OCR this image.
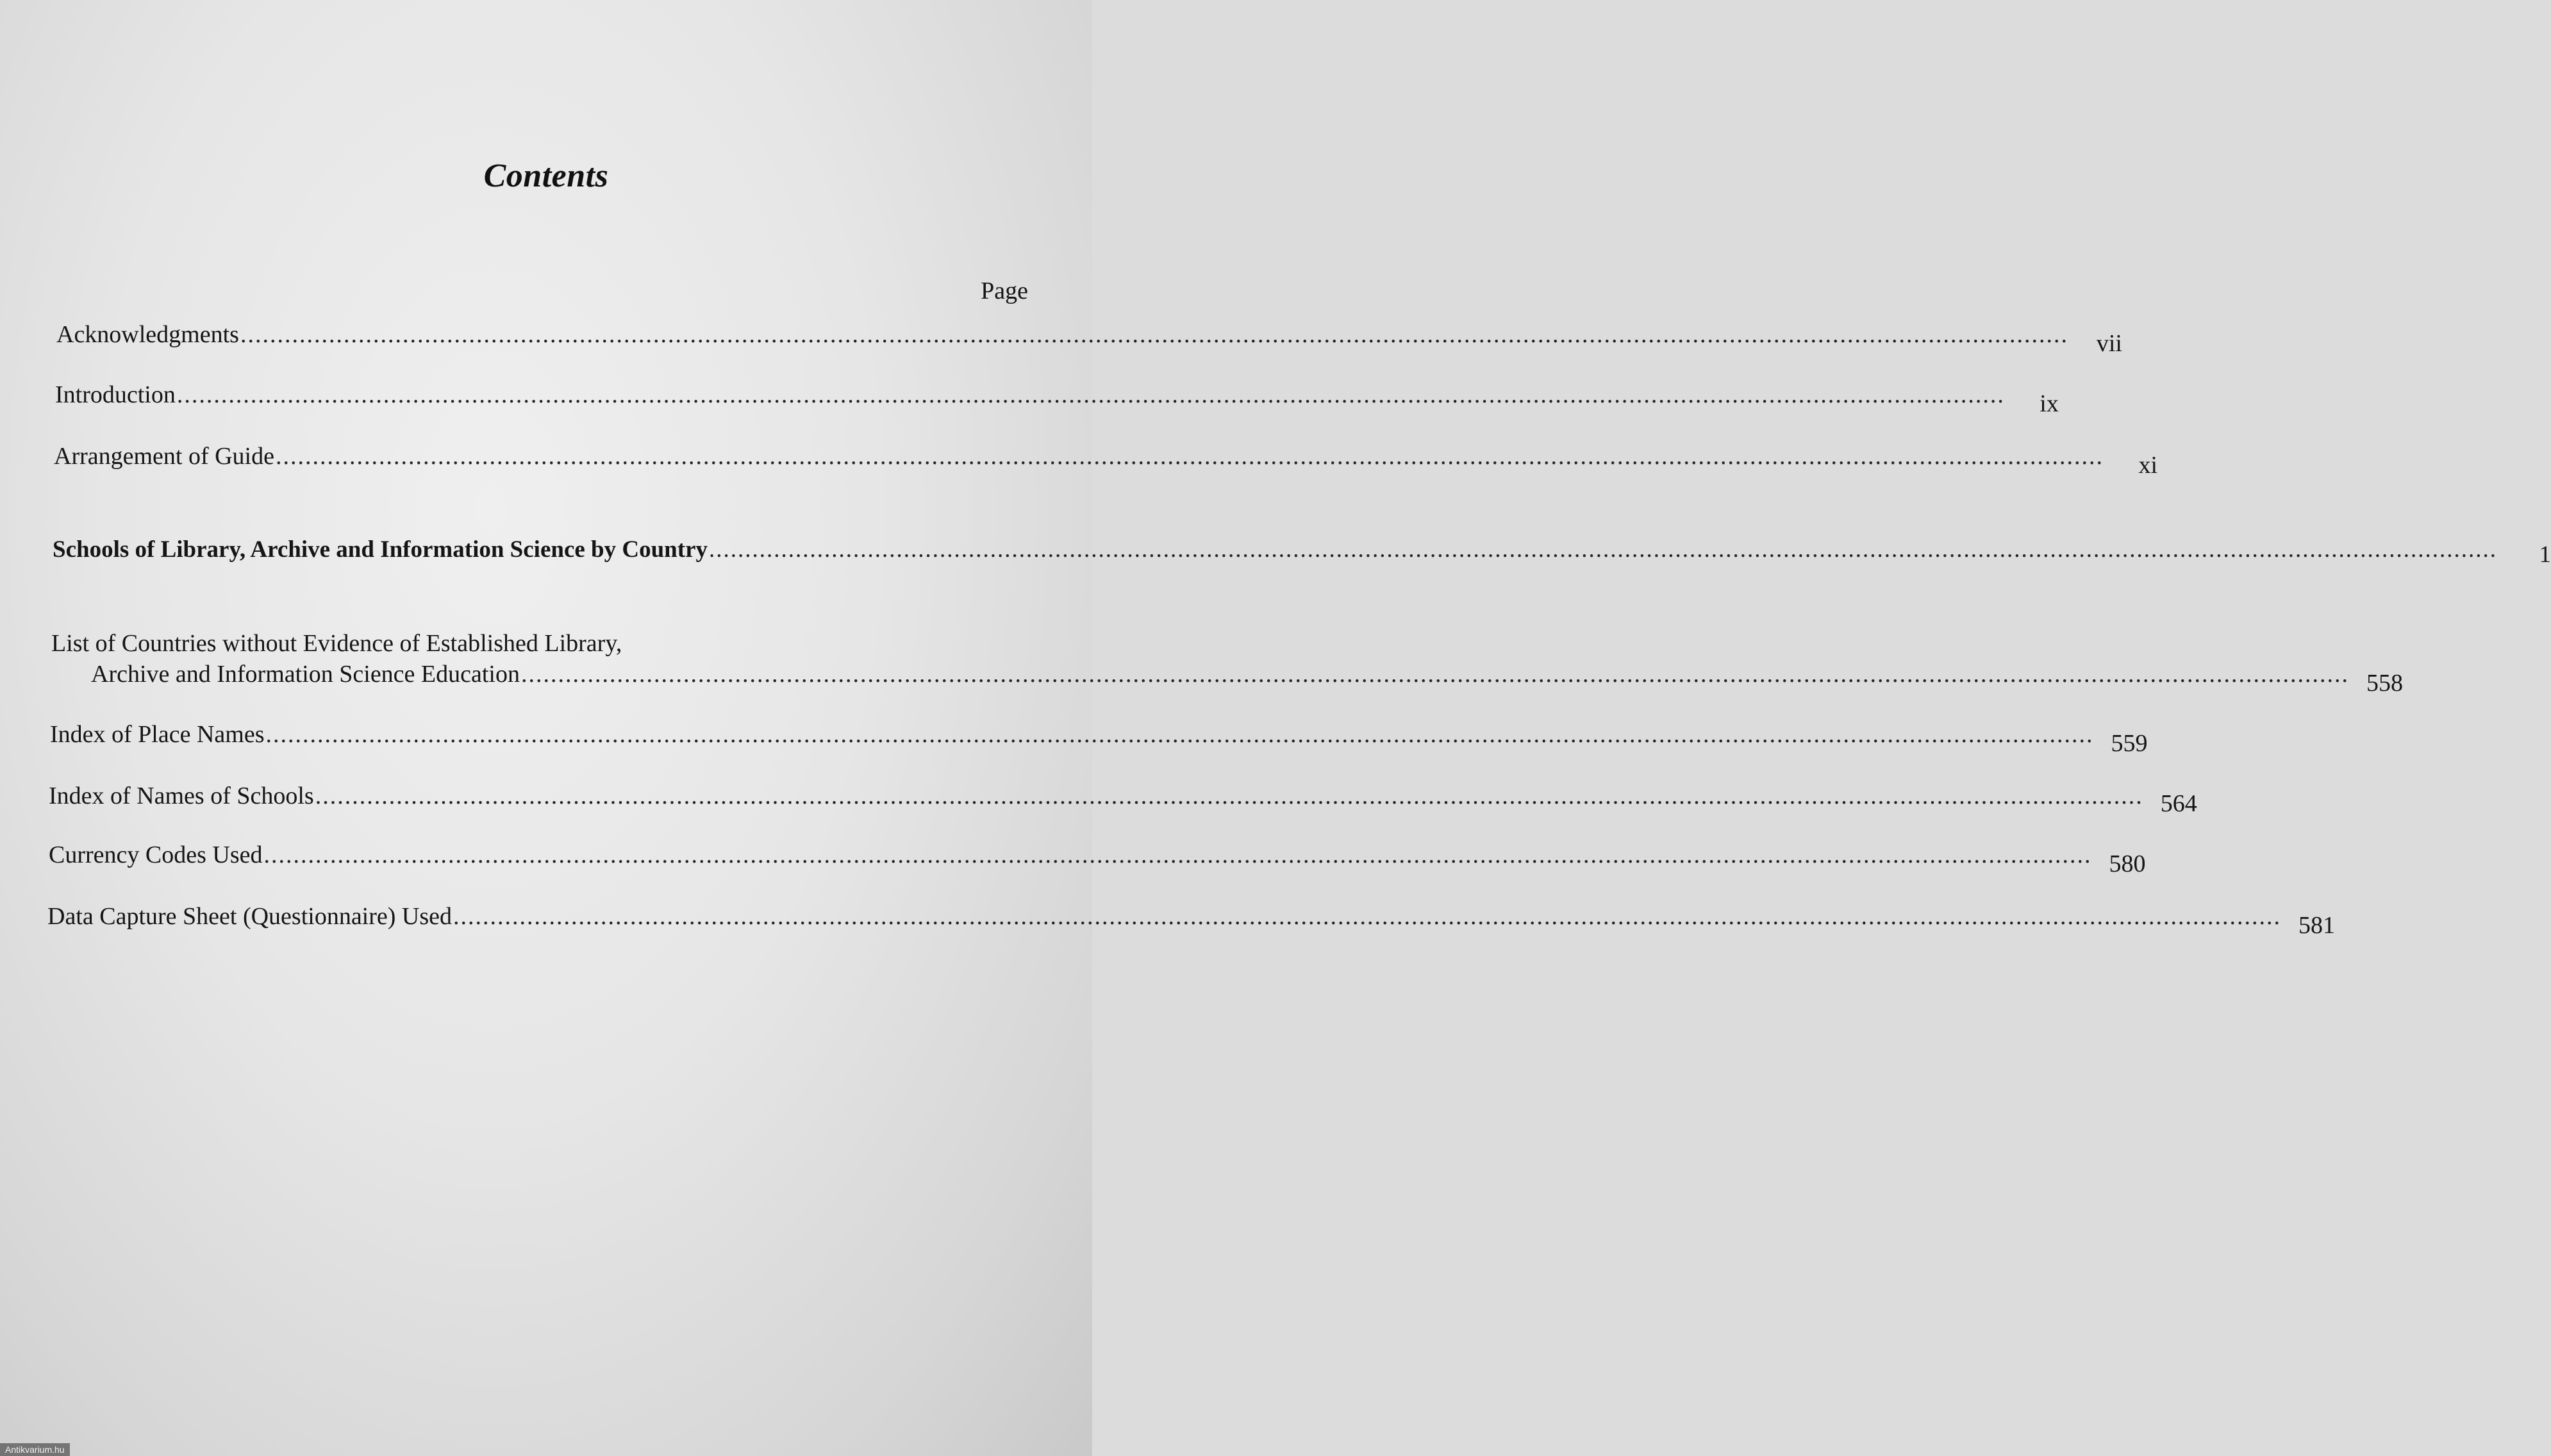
Contents
Page
Acknowledgments ........................................................................................................................................................................................................................................................	vii
Introduction ........................................................................................................................................................................................................................................................	ix
Arrangement of Guide ........................................................................................................................................................................................................................................................	xi
Schools of Library, Archive and Information Science by Country ........................................................................................................................................................................................................................................................	1
List of Countries without Evidence of Established Library,
Archive and Information Science Education ........................................................................................................................................................................................................................................................ 558
Index of Place Names ........................................................................................................................................................................................................................................................ 559
Index of Names of Schools ........................................................................................................................................................................................................................................................ 564
Currency Codes Used ........................................................................................................................................................................................................................................................ 580
Data Capture Sheet (Questionnaire) Used ........................................................................................................................................................................................................................................................ 581
Antikvarium.hu
